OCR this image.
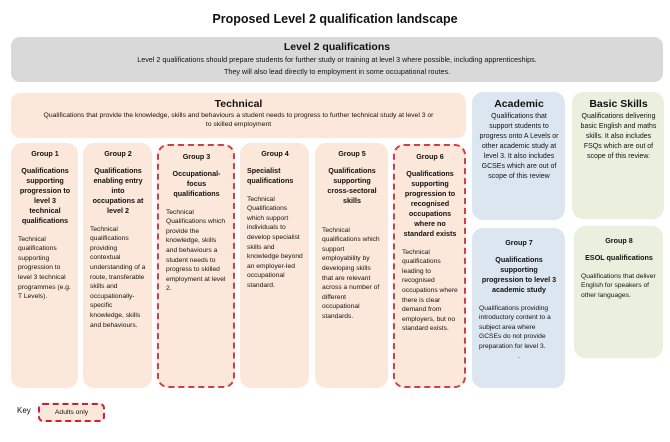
Proposed Level 2 qualification landscape
Level 2 qualifications

Level 2 qualifications should prepare students for further study or training at level 3 where possible, including apprenticeships.

They will also lead directly to employment in some occupational routes.

Technical

Qualifications that provide the knowledge, skills and behaviours a student needs to progress to further technical study at level 3 or to skilled employment

Group 1

Qualifications supporting progression to level 3 technical qualifications

Technical qualifications supporting progression to level 3 technical programmes (e.g. T Levels).

Group 2

Qualifications enabling entry into occupations at level 2

Technical qualifications providing contextual understanding of a route, transferable skills and occupationally-specific knowledge, skills and behaviours.

Group 3

Occupational-focus qualifications

Technical Qualifications which provide the knowledge, skills and behaviours a student needs to progress to skilled employment at level 2.

Group 4

Specialist qualifications

Technical Qualifications which support individuals to develop specialist skills and knowledge beyond an employer-led occupational standard.

Group 5

Qualifications supporting cross-sectoral skills

Technical qualifications which support employability by developing skills that are relevant across a number of different occupational standards.

Group 6

Qualifications supporting progression to recognised occupations where no standard exists

Technical qualifications leading to recognised occupations where there is clear demand from employers, but no standard exists.

Academic

Qualifications that support students to progress onto A Levels or other academic study at level 3. It also includes GCSEs which are out of scope of this review

Group 7

Qualifications supporting progression to level 3 academic study

Qualifications providing introductory content to a subject area where GCSEs do not provide preparation for level 3.

.

Basic Skills

Qualifications delivering basic English and maths skills. It also includes FSQs which are out of scope of this review.

Group 8

ESOL qualifications

Qualifications that deliver English for speakers of other languages.

Key	Adults only
